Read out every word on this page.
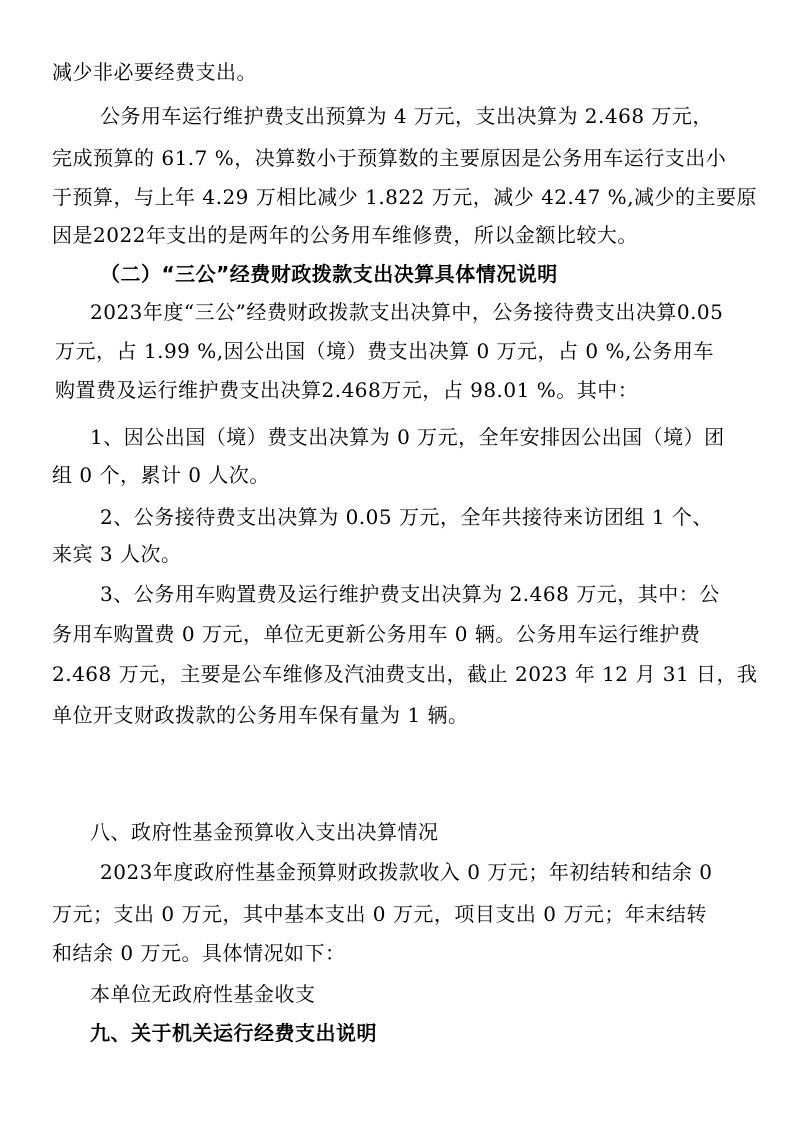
减少非必要经费支出。
公务用车运行维护费支出预算为 4 万元，支出决算为 2.468 万元，
完成预算的 61.7 %，决算数小于预算数的主要原因是公务用车运行支出小
于预算，与上年 4.29 万相比减少 1.822 万元，减少 42.47 %,减少的主要原
因是2022年支出的是两年的公务用车维修费，所以金额比较大。
（二）“三公”经费财政拨款支出决算具体情况说明
2023年度“三公”经费财政拨款支出决算中，公务接待费支出决算0.05
万元，占 1.99 %,因公出国（境）费支出决算 0 万元，占 0 %,公务用车
购置费及运行维护费支出决算2.468万元，占 98.01 %。其中：
1、因公出国（境）费支出决算为 0 万元，全年安排因公出国（境）团
组 0 个，累计 0 人次。
2、公务接待费支出决算为 0.05 万元，全年共接待来访团组 1 个、
来宾 3 人次。
3、公务用车购置费及运行维护费支出决算为 2.468 万元，其中：公
务用车购置费 0 万元，单位无更新公务用车 0 辆。公务用车运行维护费
2.468 万元，主要是公车维修及汽油费支出，截止 2023 年 12 月 31 日，我
单位开支财政拨款的公务用车保有量为 1 辆。
八、政府性基金预算收入支出决算情况
2023年度政府性基金预算财政拨款收入 0 万元；年初结转和结余 0
万元；支出 0 万元，其中基本支出 0 万元，项目支出 0 万元；年末结转
和结余 0 万元。具体情况如下：
本单位无政府性基金收支
九、关于机关运行经费支出说明
